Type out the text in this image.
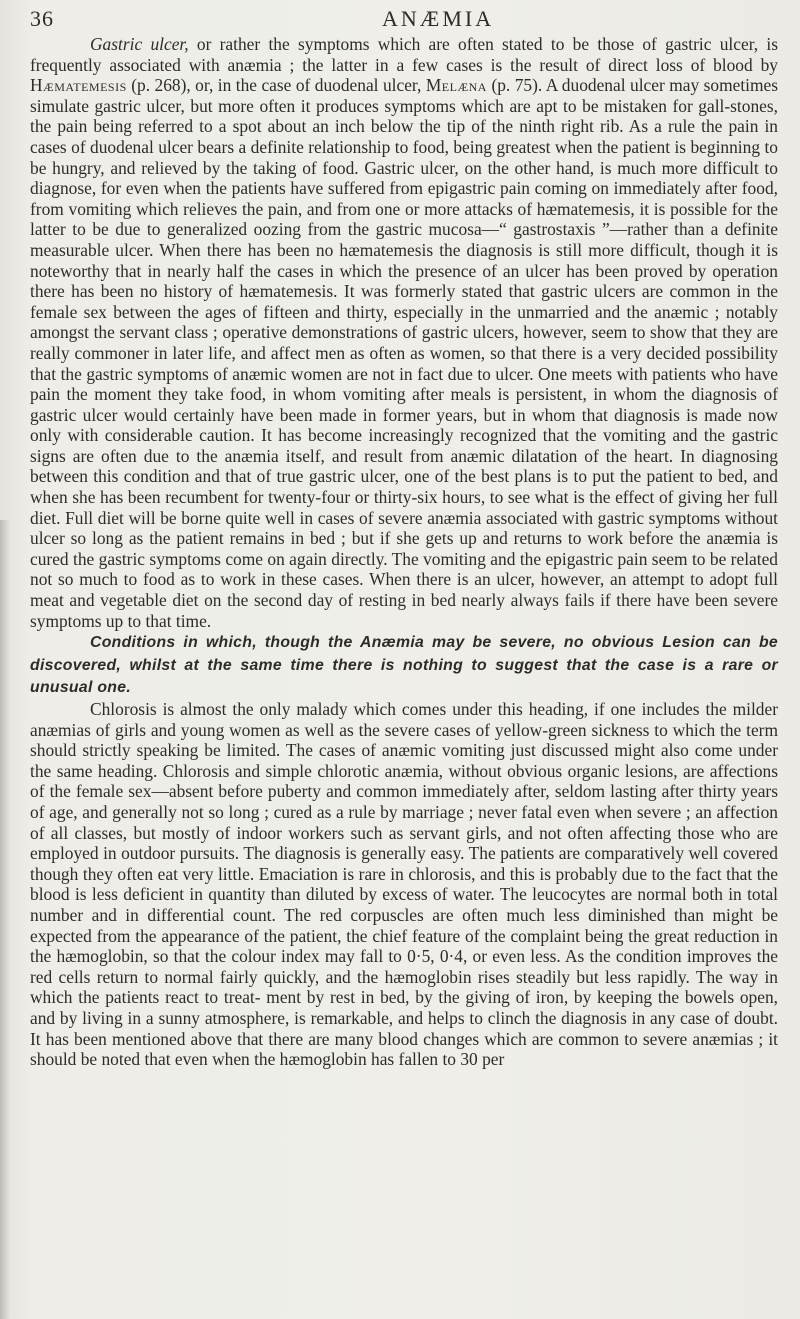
36	ANÆMIA

Gastric ulcer, or rather the symptoms which are often stated to be those of gastric ulcer, is frequently associated with anæmia ; the latter in a few cases is the result of direct loss of blood by Hæmatemesis (p. 268), or, in the case of duodenal ulcer, Melæna (p. 75). A duodenal ulcer may sometimes simulate gastric ulcer, but more often it produces symptoms which are apt to be mistaken for gall-stones, the pain being referred to a spot about an inch below the tip of the ninth right rib. As a rule the pain in cases of duodenal ulcer bears a definite relationship to food, being greatest when the patient is beginning to be hungry, and relieved by the taking of food. Gastric ulcer, on the other hand, is much more difficult to diagnose, for even when the patients have suffered from epigastric pain coming on immediately after food, from vomiting which relieves the pain, and from one or more attacks of hæmatemesis, it is possible for the latter to be due to generalized oozing from the gastric mucosa—“ gastrostaxis ”—rather than a definite measurable ulcer. When there has been no hæmatemesis the diagnosis is still more difficult, though it is noteworthy that in nearly half the cases in which the presence of an ulcer has been proved by operation there has been no history of hæmatemesis. It was formerly stated that gastric ulcers are common in the female sex between the ages of fifteen and thirty, especially in the unmarried and the anæmic ; notably amongst the servant class ; operative demonstrations of gastric ulcers, however, seem to show that they are really commoner in later life, and affect men as often as women, so that there is a very decided possibility that the gastric symptoms of anæmic women are not in fact due to ulcer. One meets with patients who have pain the moment they take food, in whom vomiting after meals is persistent, in whom the diagnosis of gastric ulcer would certainly have been made in former years, but in whom that diagnosis is made now only with considerable caution. It has become increasingly recognized that the vomiting and the gastric signs are often due to the anæmia itself, and result from anæmic dilatation of the heart. In diagnosing between this condition and that of true gastric ulcer, one of the best plans is to put the patient to bed, and when she has been recumbent for twenty-four or thirty-six hours, to see what is the effect of giving her full diet. Full diet will be borne quite well in cases of severe anæmia associated with gastric symptoms without ulcer so long as the patient remains in bed ; but if she gets up and returns to work before the anæmia is cured the gastric symptoms come on again directly. The vomiting and the epigastric pain seem to be related not so much to food as to work in these cases. When there is an ulcer, however, an attempt to adopt full meat and vegetable diet on the second day of resting in bed nearly always fails if there have been severe symptoms up to that time.

Conditions in which, though the Anæmia may be severe, no obvious Lesion can be discovered, whilst at the same time there is nothing to suggest that the case is a rare or unusual one.

Chlorosis is almost the only malady which comes under this heading, if one includes the milder anæmias of girls and young women as well as the severe cases of yellow-green sickness to which the term should strictly speaking be limited. The cases of anæmic vomiting just discussed might also come under the same heading. Chlorosis and simple chlorotic anæmia, without obvious organic lesions, are affections of the female sex—absent before puberty and common immediately after, seldom lasting after thirty years of age, and generally not so long ; cured as a rule by marriage ; never fatal even when severe ; an affection of all classes, but mostly of indoor workers such as servant girls, and not often affecting those who are employed in outdoor pursuits. The diagnosis is generally easy. The patients are comparatively well covered though they often eat very little. Emaciation is rare in chlorosis, and this is probably due to the fact that the blood is less deficient in quantity than diluted by excess of water. The leucocytes are normal both in total number and in differential count. The red corpuscles are often much less diminished than might be expected from the appearance of the patient, the chief feature of the complaint being the great reduction in the hæmoglobin, so that the colour index may fall to 0·5, 0·4, or even less. As the condition improves the red cells return to normal fairly quickly, and the hæmoglobin rises steadily but less rapidly. The way in which the patients react to treat- ment by rest in bed, by the giving of iron, by keeping the bowels open, and by living in a sunny atmosphere, is remarkable, and helps to clinch the diagnosis in any case of doubt. It has been mentioned above that there are many blood changes which are common to severe anæmias ; it should be noted that even when the hæmoglobin has fallen to 30 per
